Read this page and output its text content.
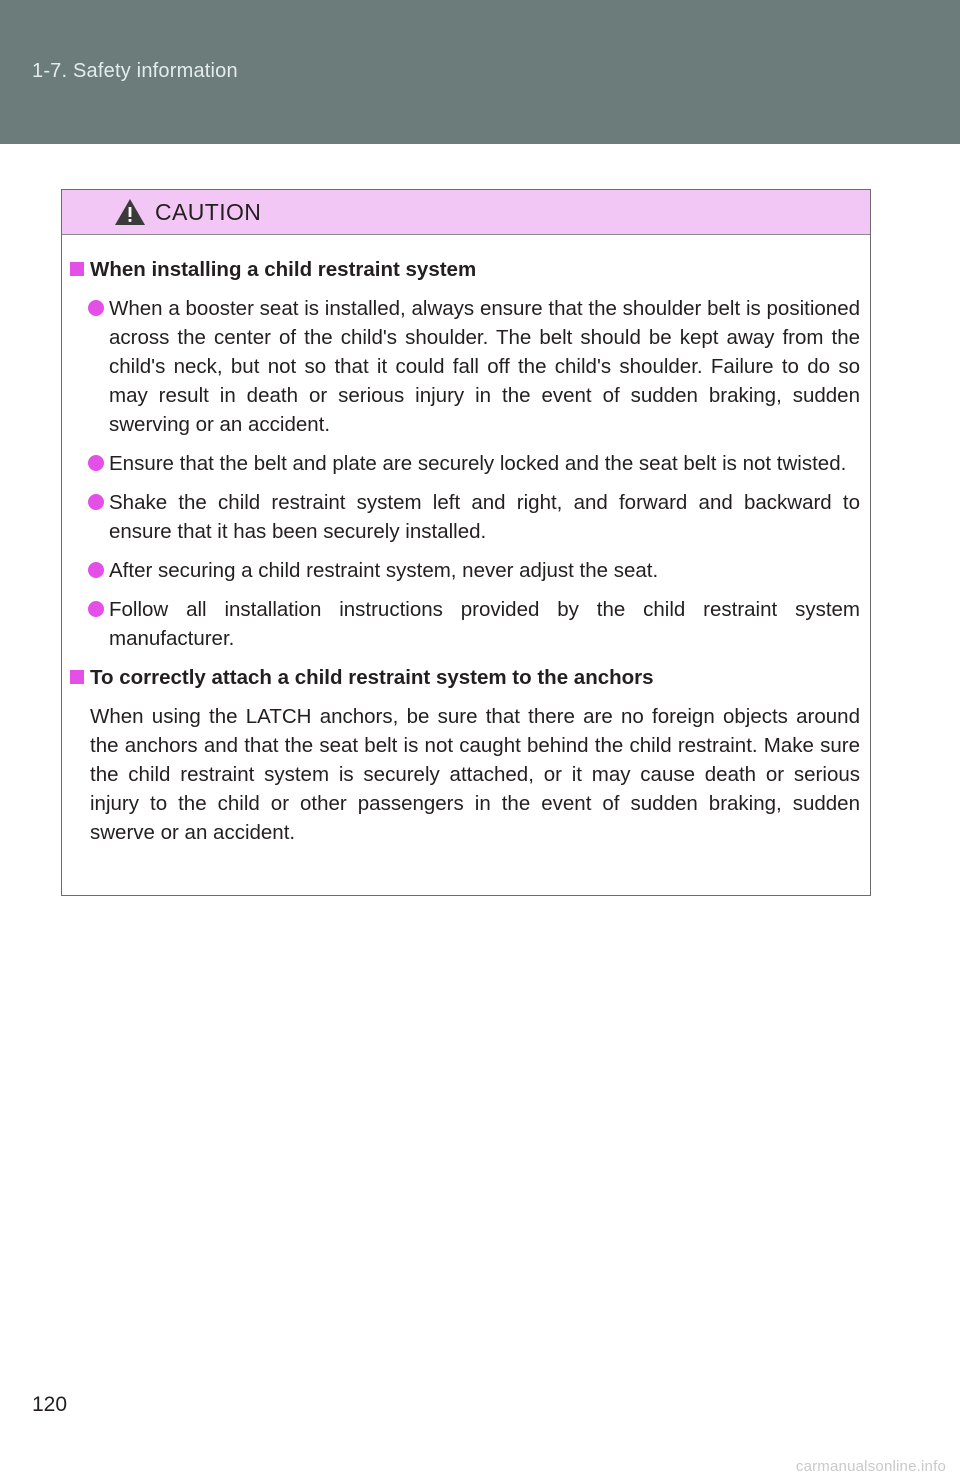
1-7. Safety information
CAUTION
When installing a child restraint system
When a booster seat is installed, always ensure that the shoulder belt is positioned across the center of the child's shoulder. The belt should be kept away from the child's neck, but not so that it could fall off the child's shoulder. Failure to do so may result in death or serious injury in the event of sudden braking, sudden swerving or an accident.
Ensure that the belt and plate are securely locked and the seat belt is not twisted.
Shake the child restraint system left and right, and forward and backward to ensure that it has been securely installed.
After securing a child restraint system, never adjust the seat.
Follow all installation instructions provided by the child restraint system manufacturer.
To correctly attach a child restraint system to the anchors
When using the LATCH anchors, be sure that there are no foreign objects around the anchors and that the seat belt is not caught behind the child restraint. Make sure the child restraint system is securely attached, or it may cause death or serious injury to the child or other passengers in the event of sudden braking, sudden swerve or an accident.
120
carmanualsonline.info
